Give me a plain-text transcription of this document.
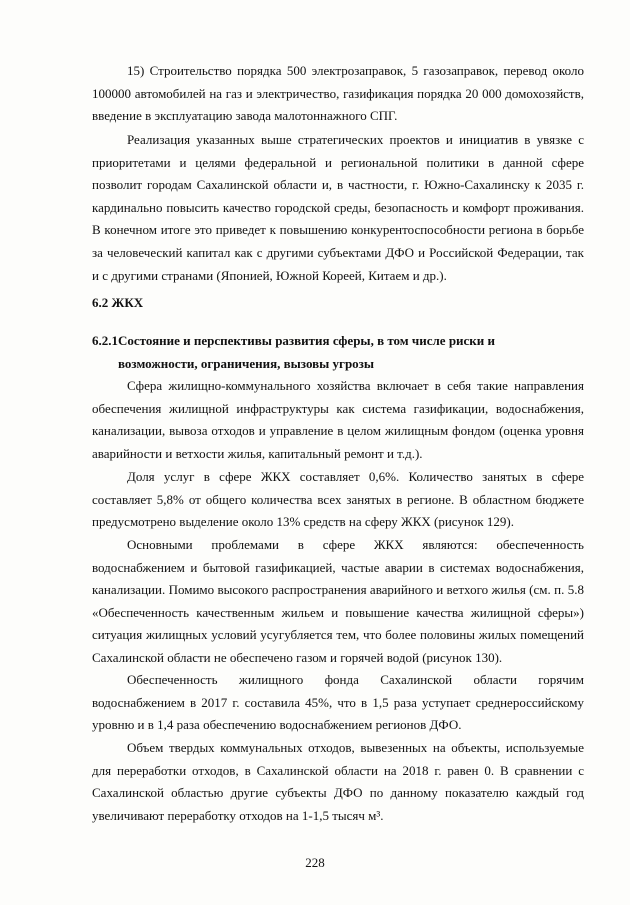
15) Строительство порядка 500 электрозаправок, 5 газозаправок, перевод около 100000 автомобилей на газ и электричество, газификация порядка 20 000 домохозяйств, введение в эксплуатацию завода малотоннажного СПГ.

Реализация указанных выше стратегических проектов и инициатив в увязке с приоритетами и целями федеральной и региональной политики в данной сфере позволит городам Сахалинской области и, в частности, г. Южно-Сахалинску к 2035 г. кардинально повысить качество городской среды, безопасность и комфорт проживания. В конечном итоге это приведет к повышению конкурентоспособности региона в борьбе за человеческий капитал как с другими субъектами ДФО и Российской Федерации, так и с другими странами (Японией, Южной Кореей, Китаем и др.).

6.2 ЖКХ
6.2.1Состояние и перспективы развития сферы, в том числе риски и
возможности, ограничения, вызовы угрозы

Сфера жилищно-коммунального хозяйства включает в себя такие направления обеспечения жилищной инфраструктуры как система газификации, водоснабжения, канализации, вывоза отходов и управление в целом жилищным фондом (оценка уровня аварийности и ветхости жилья, капитальный ремонт и т.д.).

Доля услуг в сфере ЖКХ составляет 0,6%. Количество занятых в сфере составляет 5,8% от общего количества всех занятых в регионе. В областном бюджете предусмотрено выделение около 13% средств на сферу ЖКХ (рисунок 129).

Основными проблемами в сфере ЖКХ являются: обеспеченность водоснабжением и бытовой газификацией, частые аварии в системах водоснабжения, канализации. Помимо высокого распространения аварийного и ветхого жилья (см. п. 5.8 «Обеспеченность качественным жильем и повышение качества жилищной сферы») ситуация жилищных условий усугубляется тем, что более половины жилых помещений Сахалинской области не обеспечено газом и горячей водой (рисунок 130).

Обеспеченность жилищного фонда Сахалинской области горячим водоснабжением в 2017 г. составила 45%, что в 1,5 раза уступает среднероссийскому уровню и в 1,4 раза обеспечению водоснабжением регионов ДФО.

Объем твердых коммунальных отходов, вывезенных на объекты, используемые для переработки отходов, в Сахалинской области на 2018 г. равен 0. В сравнении с Сахалинской областью другие субъекты ДФО по данному показателю каждый год увеличивают переработку отходов на 1-1,5 тысяч м³.

228
